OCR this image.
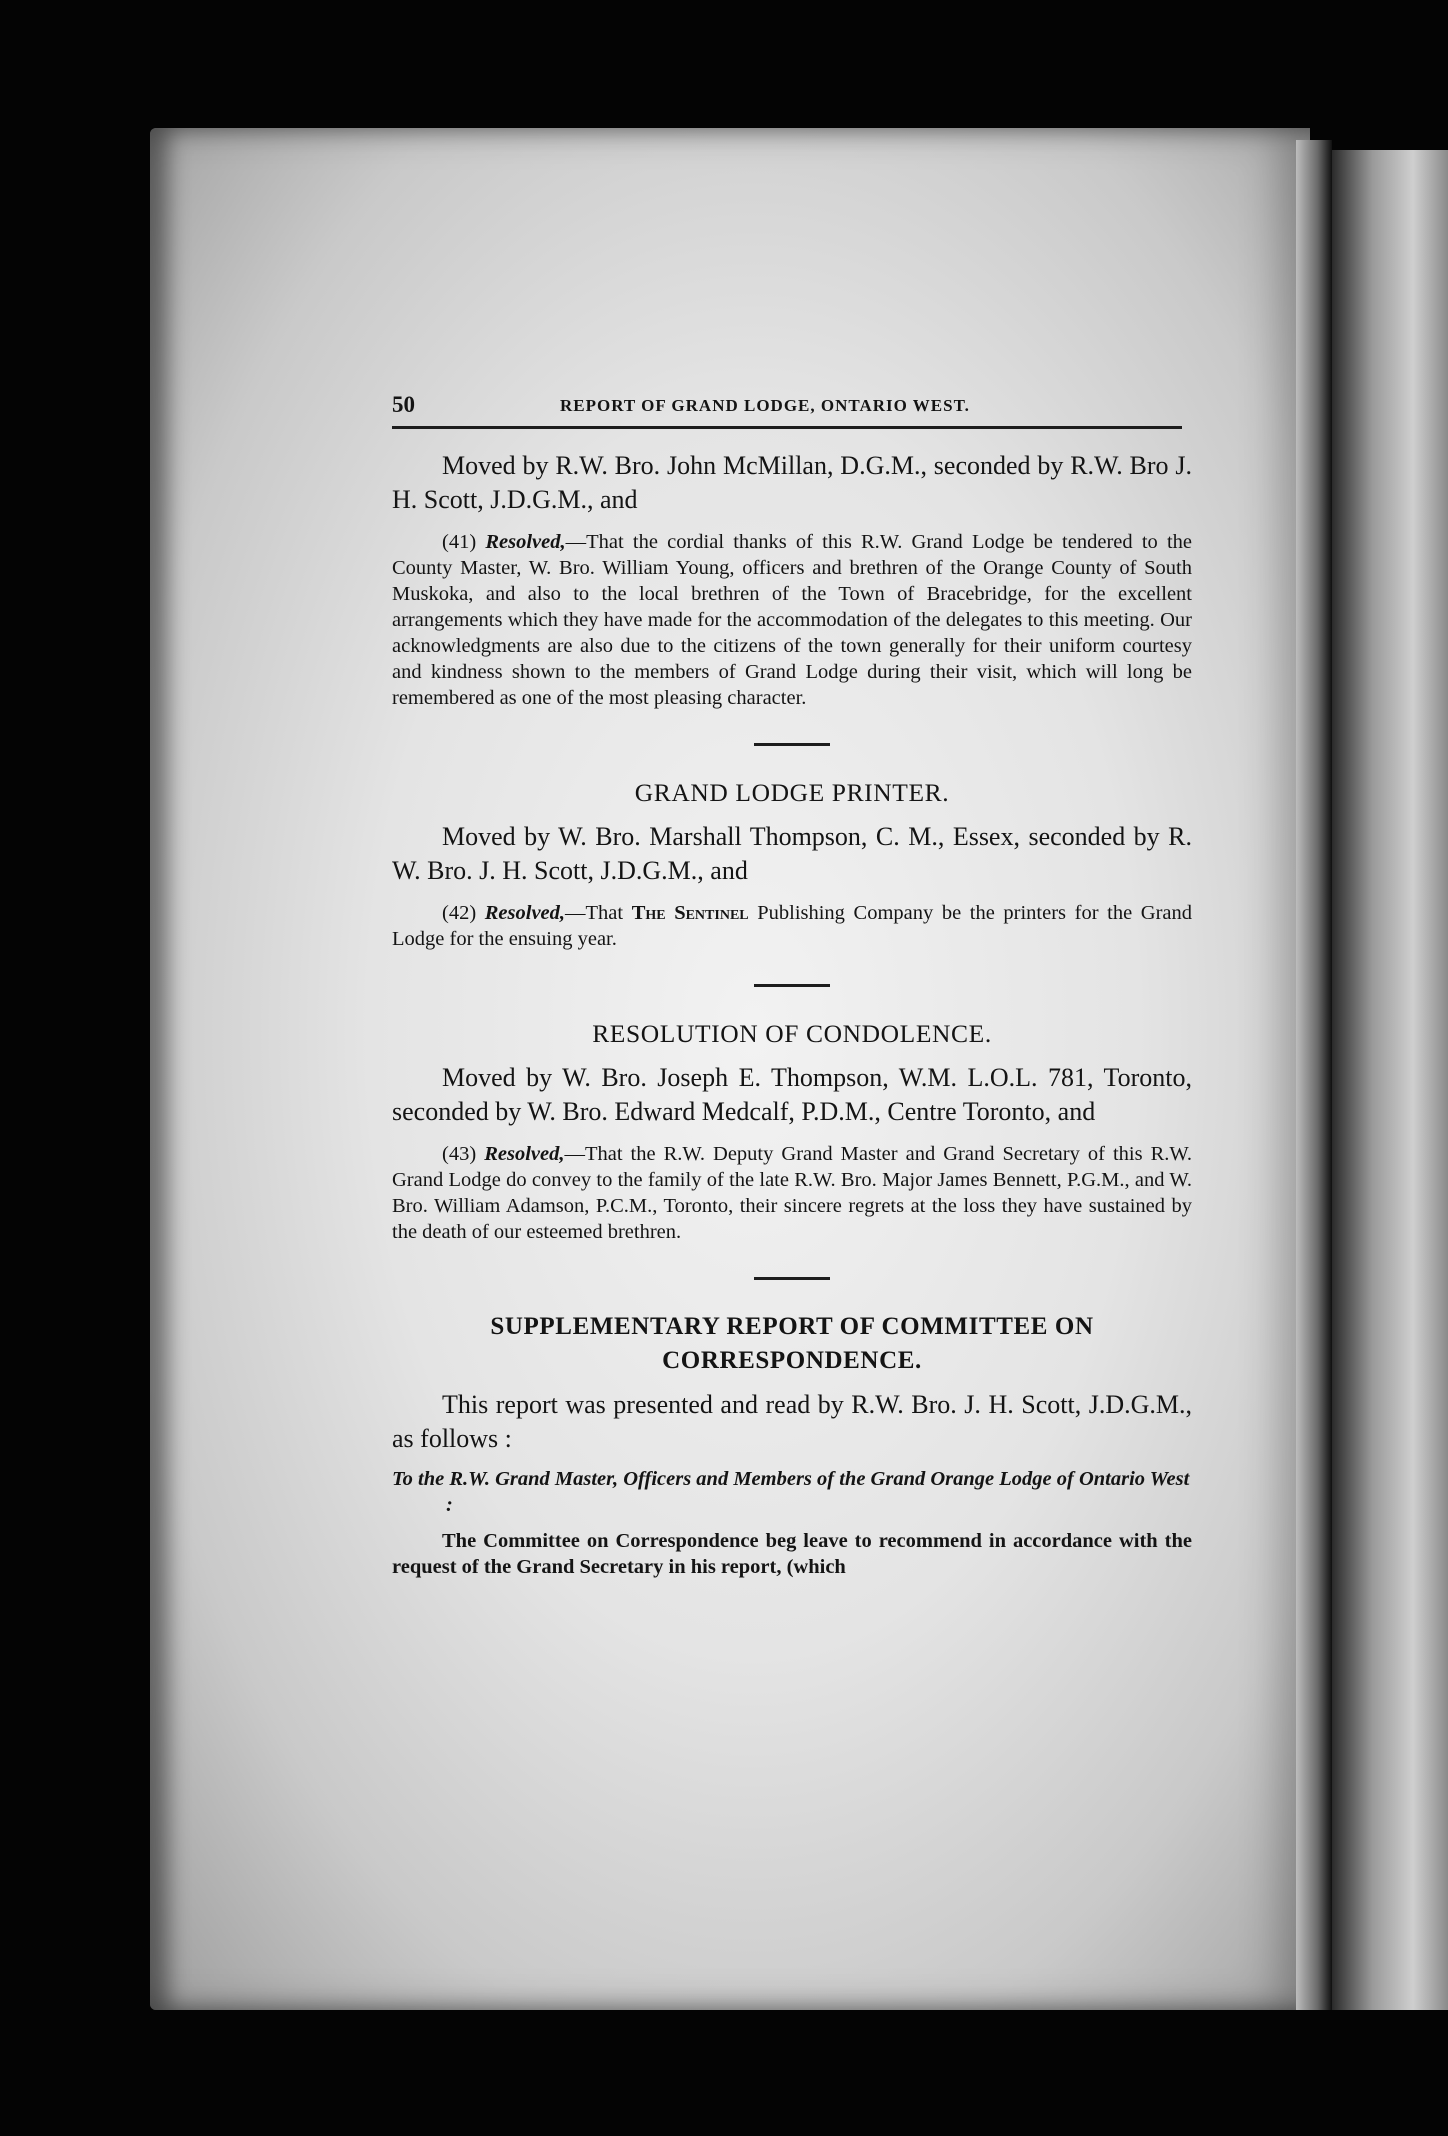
50	REPORT OF GRAND LODGE, ONTARIO WEST.

Moved by R.W. Bro. John McMillan, D.G.M., seconded by R.W. Bro J. H. Scott, J.D.G.M., and

(41) Resolved,—That the cordial thanks of this R.W. Grand Lodge be tendered to the County Master, W. Bro. William Young, officers and brethren of the Orange County of South Muskoka, and also to the local brethren of the Town of Bracebridge, for the excellent arrangements which they have made for the accommodation of the delegates to this meeting. Our acknowledgments are also due to the citizens of the town generally for their uniform courtesy and kindness shown to the members of Grand Lodge during their visit, which will long be remembered as one of the most pleasing character.

GRAND LODGE PRINTER.

Moved by W. Bro. Marshall Thompson, C. M., Essex, seconded by R. W. Bro. J. H. Scott, J.D.G.M., and

(42) Resolved,—That The Sentinel Publishing Company be the printers for the Grand Lodge for the ensuing year.

RESOLUTION OF CONDOLENCE.

Moved by W. Bro. Joseph E. Thompson, W.M. L.O.L. 781, Toronto, seconded by W. Bro. Edward Medcalf, P.D.M., Centre Toronto, and

(43) Resolved,—That the R.W. Deputy Grand Master and Grand Secretary of this R.W. Grand Lodge do convey to the family of the late R.W. Bro. Major James Bennett, P.G.M., and W. Bro. William Adamson, P.C.M., Toronto, their sincere regrets at the loss they have sustained by the death of our esteemed brethren.

SUPPLEMENTARY REPORT OF COMMITTEE ON
CORRESPONDENCE.

This report was presented and read by R.W. Bro. J. H. Scott, J.D.G.M., as follows :

To the R.W. Grand Master, Officers and Members of the Grand Orange Lodge of Ontario West :

The Committee on Correspondence beg leave to recommend in accordance with the request of the Grand Secretary in his report, (which
